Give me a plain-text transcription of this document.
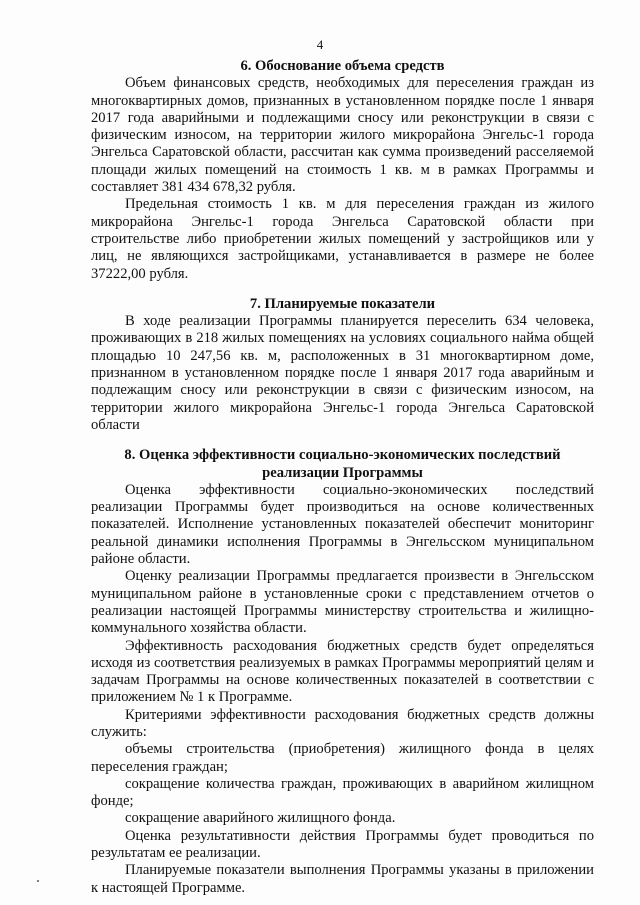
4
6. Обоснование объема средств

Объем финансовых средств, необходимых для переселения граждан из многоквартирных домов, признанных в установленном порядке после 1 января 2017 года аварийными и подлежащими сносу или реконструкции в связи с физическим износом, на территории жилого микрорайона Энгельс-1 города Энгельса Саратовской области, рассчитан как сумма произведений расселяемой площади жилых помещений на стоимость 1 кв. м в рамках Программы и составляет 381 434 678,32 рубля.

Предельная стоимость 1 кв. м для переселения граждан из жилого микрорайона Энгельс-1 города Энгельса Саратовской области при строительстве либо приобретении жилых помещений у застройщиков или у лиц, не являющихся застройщиками, устанавливается в размере не более 37222,00 рубля.

7. Планируемые показатели

В ходе реализации Программы планируется переселить 634 человека, проживающих в 218 жилых помещениях на условиях социального найма общей площадью 10 247,56 кв. м, расположенных в 31 многоквартирном доме, признанном в установленном порядке после 1 января 2017 года аварийным и подлежащим сносу или реконструкции в связи с физическим износом, на территории жилого микрорайона Энгельс-1 города Энгельса Саратовской области

8. Оценка эффективности социально-экономических последствий
реализации Программы

Оценка эффективности социально-экономических последствий реализации Программы будет производиться на основе количественных показателей. Исполнение установленных показателей обеспечит мониторинг реальной динамики исполнения Программы в Энгельсском муниципальном районе области.

Оценку реализации Программы предлагается произвести в Энгельсском муниципальном районе в установленные сроки с представлением отчетов о реализации настоящей Программы министерству строительства и жилищно-коммунального хозяйства области.

Эффективность расходования бюджетных средств будет определяться исходя из соответствия реализуемых в рамках Программы мероприятий целям и задачам Программы на основе количественных показателей в соответствии с приложением № 1 к Программе.

Критериями эффективности расходования бюджетных средств должны служить:

объемы строительства (приобретения) жилищного фонда в целях переселения граждан;

сокращение количества граждан, проживающих в аварийном жилищном фонде;

сокращение аварийного жилищного фонда.

Оценка результативности действия Программы будет проводиться по результатам ее реализации.

Планируемые показатели выполнения Программы указаны в приложении к настоящей Программе.
